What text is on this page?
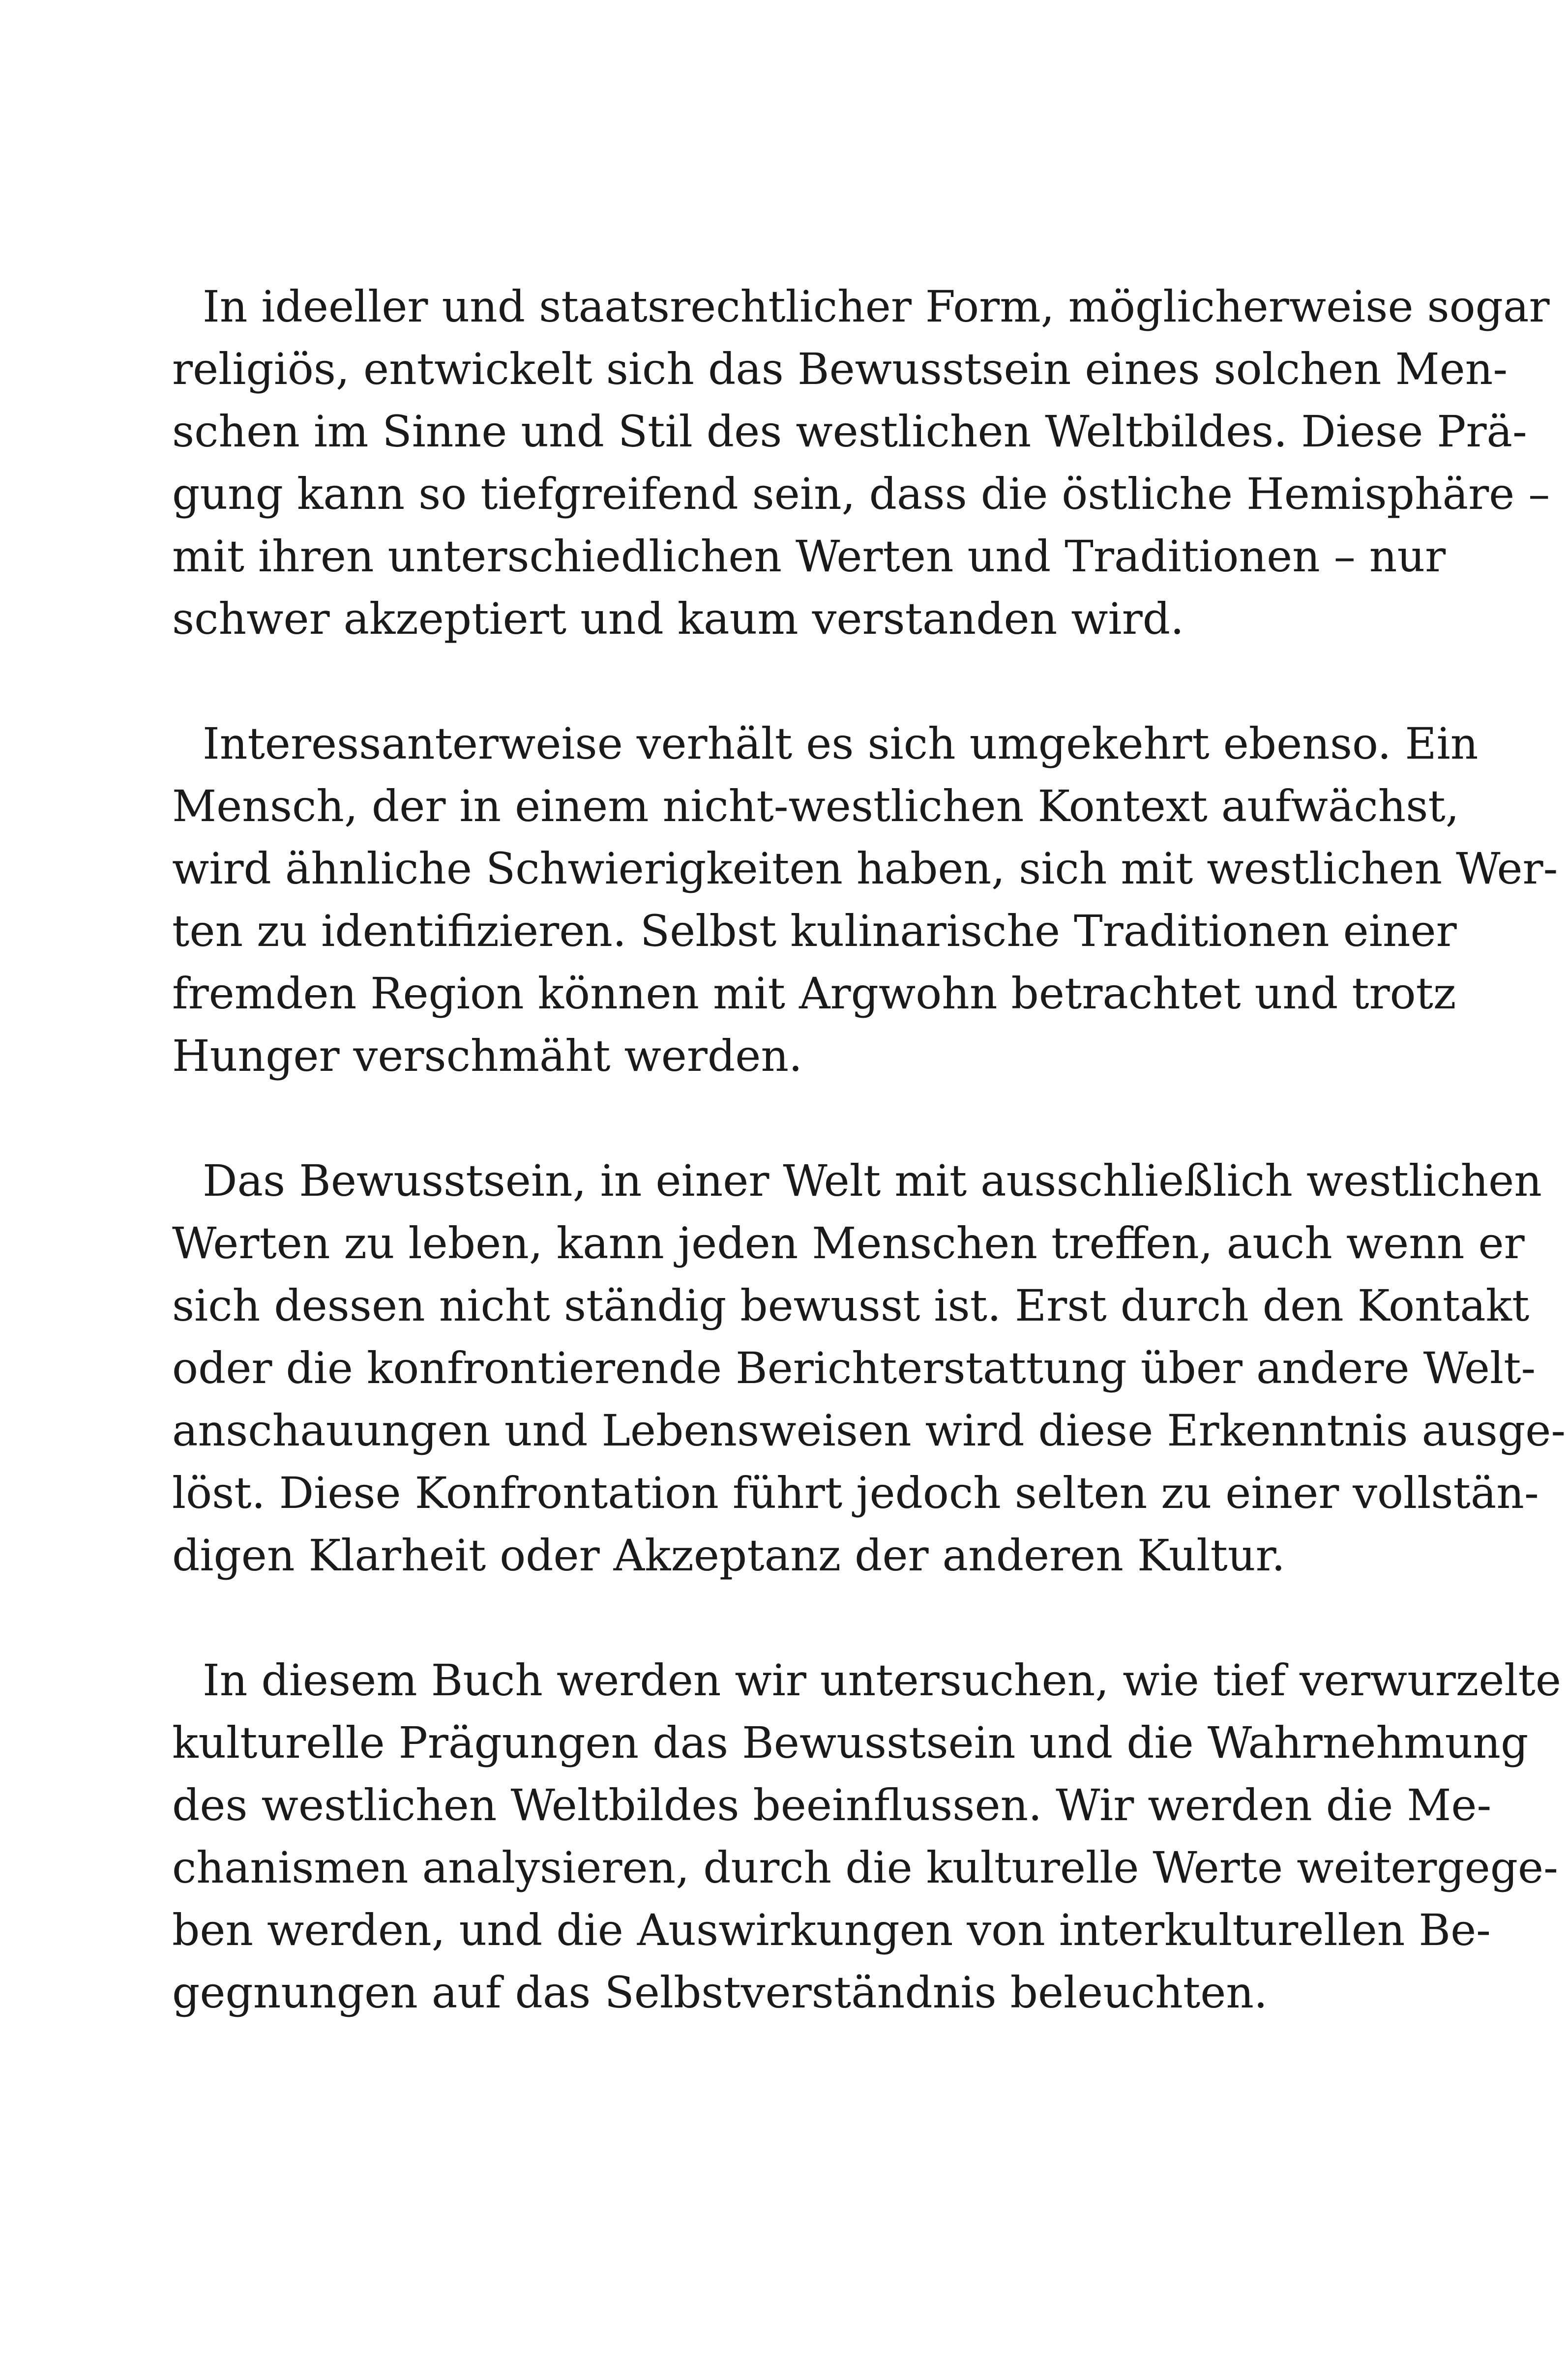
In ideeller und staatsrechtlicher Form, möglicherweise sogar
religiös, entwickelt sich das Bewusstsein eines solchen Men-
schen im Sinne und Stil des westlichen Weltbildes. Diese Prä-
gung kann so tiefgreifend sein, dass die östliche Hemisphäre –
mit ihren unterschiedlichen Werten und Traditionen – nur
schwer akzeptiert und kaum verstanden wird.
Interessanterweise verhält es sich umgekehrt ebenso. Ein
Mensch, der in einem nicht-westlichen Kontext aufwächst,
wird ähnliche Schwierigkeiten haben, sich mit westlichen Wer-
ten zu identifizieren. Selbst kulinarische Traditionen einer
fremden Region können mit Argwohn betrachtet und trotz
Hunger verschmäht werden.
Das Bewusstsein, in einer Welt mit ausschließlich westlichen
Werten zu leben, kann jeden Menschen treffen, auch wenn er
sich dessen nicht ständig bewusst ist. Erst durch den Kontakt
oder die konfrontierende Berichterstattung über andere Welt-
anschauungen und Lebensweisen wird diese Erkenntnis ausge-
löst. Diese Konfrontation führt jedoch selten zu einer vollstän-
digen Klarheit oder Akzeptanz der anderen Kultur.
In diesem Buch werden wir untersuchen, wie tief verwurzelte
kulturelle Prägungen das Bewusstsein und die Wahrnehmung
des westlichen Weltbildes beeinflussen. Wir werden die Me-
chanismen analysieren, durch die kulturelle Werte weitergege-
ben werden, und die Auswirkungen von interkulturellen Be-
gegnungen auf das Selbstverständnis beleuchten.
